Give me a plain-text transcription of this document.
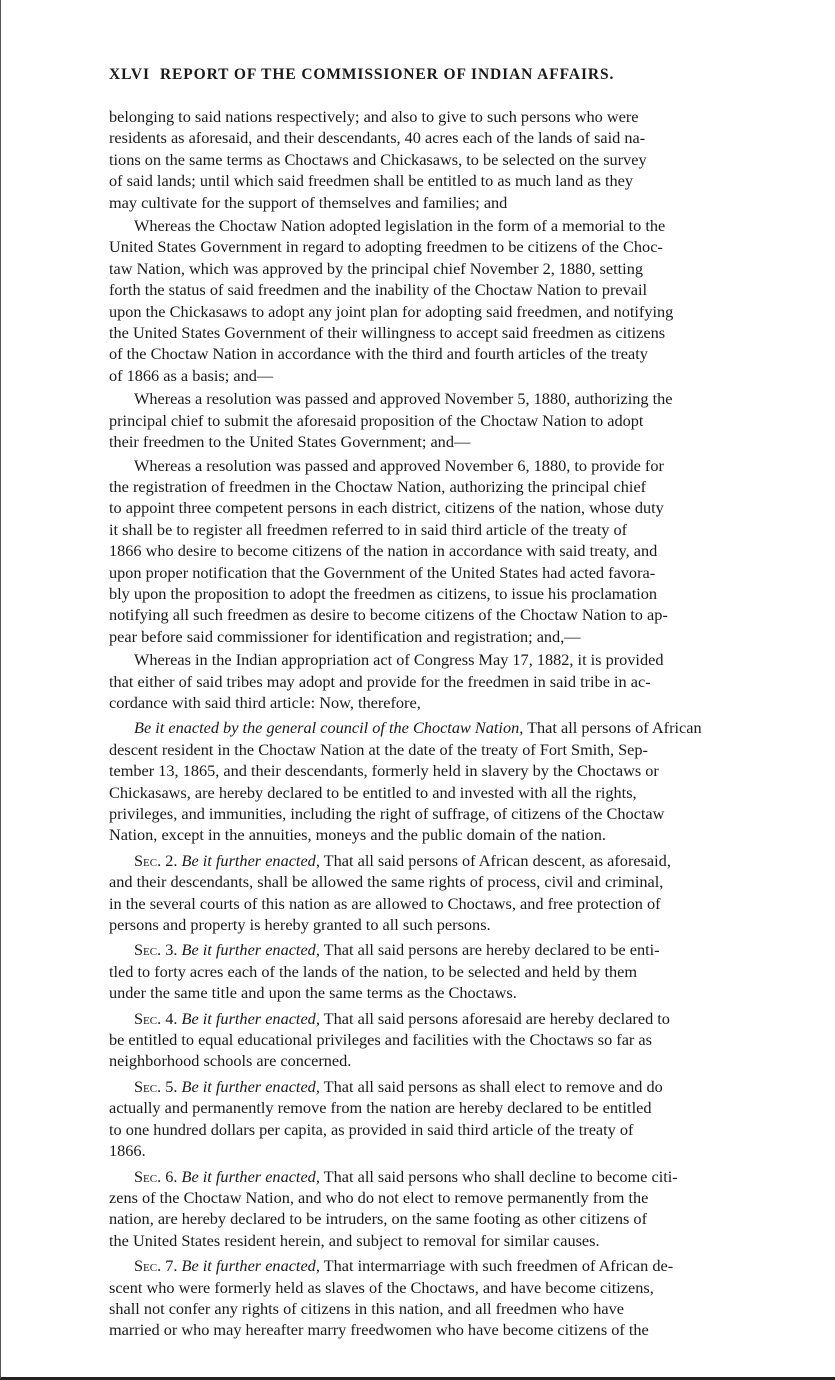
XLVI REPORT OF THE COMMISSIONER OF INDIAN AFFAIRS.
belonging to said nations respectively; and also to give to such persons who were
residents as aforesaid, and their descendants, 40 acres each of the lands of said na-
tions on the same terms as Choctaws and Chickasaws, to be selected on the survey
of said lands; until which said freedmen shall be entitled to as much land as they
may cultivate for the support of themselves and families; and
Whereas the Choctaw Nation adopted legislation in the form of a memorial to the
United States Government in regard to adopting freedmen to be citizens of the Choc-
taw Nation, which was approved by the principal chief November 2, 1880, setting
forth the status of said freedmen and the inability of the Choctaw Nation to prevail
upon the Chickasaws to adopt any joint plan for adopting said freedmen, and notifying
the United States Government of their willingness to accept said freedmen as citizens
of the Choctaw Nation in accordance with the third and fourth articles of the treaty
of 1866 as a basis; and—
Whereas a resolution was passed and approved November 5, 1880, authorizing the
principal chief to submit the aforesaid proposition of the Choctaw Nation to adopt
their freedmen to the United States Government; and—
Whereas a resolution was passed and approved November 6, 1880, to provide for
the registration of freedmen in the Choctaw Nation, authorizing the principal chief
to appoint three competent persons in each district, citizens of the nation, whose duty
it shall be to register all freedmen referred to in said third article of the treaty of
1866 who desire to become citizens of the nation in accordance with said treaty, and
upon proper notification that the Government of the United States had acted favora-
bly upon the proposition to adopt the freedmen as citizens, to issue his proclamation
notifying all such freedmen as desire to become citizens of the Choctaw Nation to ap-
pear before said commissioner for identification and registration; and,—
Whereas in the Indian appropriation act of Congress May 17, 1882, it is provided
that either of said tribes may adopt and provide for the freedmen in said tribe in ac-
cordance with said third article: Now, therefore,
Be it enacted by the general council of the Choctaw Nation, That all persons of African
descent resident in the Choctaw Nation at the date of the treaty of Fort Smith, Sep-
tember 13, 1865, and their descendants, formerly held in slavery by the Choctaws or
Chickasaws, are hereby declared to be entitled to and invested with all the rights,
privileges, and immunities, including the right of suffrage, of citizens of the Choctaw
Nation, except in the annuities, moneys and the public domain of the nation.
Sec. 2. Be it further enacted, That all said persons of African descent, as aforesaid,
and their descendants, shall be allowed the same rights of process, civil and criminal,
in the several courts of this nation as are allowed to Choctaws, and free protection of
persons and property is hereby granted to all such persons.
Sec. 3. Be it further enacted, That all said persons are hereby declared to be enti-
tled to forty acres each of the lands of the nation, to be selected and held by them
under the same title and upon the same terms as the Choctaws.
Sec. 4. Be it further enacted, That all said persons aforesaid are hereby declared to
be entitled to equal educational privileges and facilities with the Choctaws so far as
neighborhood schools are concerned.
Sec. 5. Be it further enacted, That all said persons as shall elect to remove and do
actually and permanently remove from the nation are hereby declared to be entitled
to one hundred dollars per capita, as provided in said third article of the treaty of
1866.
Sec. 6. Be it further enacted, That all said persons who shall decline to become citi-
zens of the Choctaw Nation, and who do not elect to remove permanently from the
nation, are hereby declared to be intruders, on the same footing as other citizens of
the United States resident herein, and subject to removal for similar causes.
Sec. 7. Be it further enacted, That intermarriage with such freedmen of African de-
scent who were formerly held as slaves of the Choctaws, and have become citizens,
shall not confer any rights of citizens in this nation, and all freedmen who have
married or who may hereafter marry freedwomen who have become citizens of the
